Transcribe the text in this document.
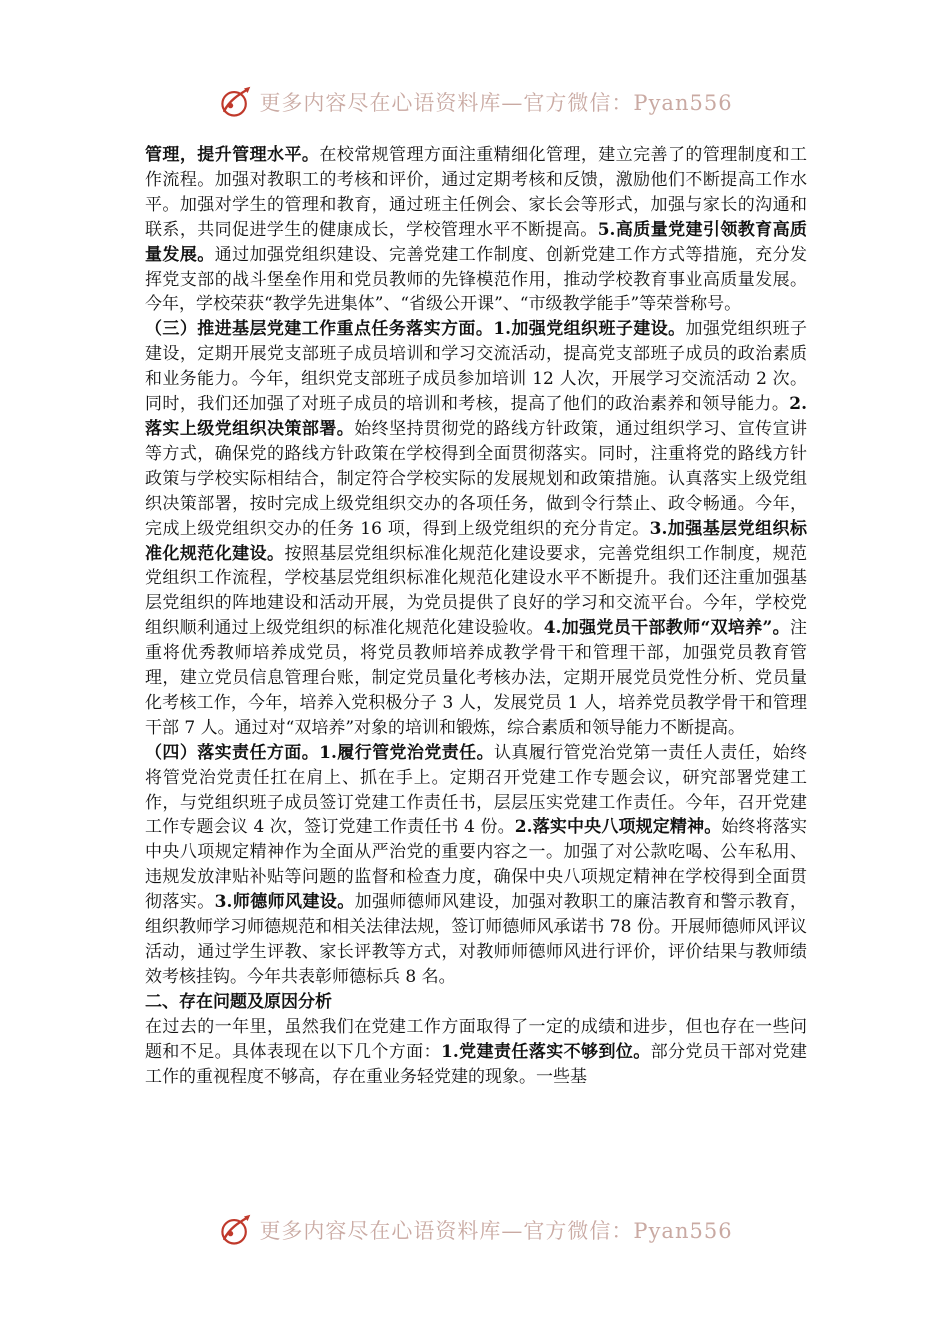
更多内容尽在心语资料库—官方微信：Pyan556

管理，提升管理水平。在校常规管理方面注重精细化管理，建立完善了的管理制度和工作流程。加强对教职工的考核和评价，通过定期考核和反馈，激励他们不断提高工作水平。加强对学生的管理和教育，通过班主任例会、家长会等形式，加强与家长的沟通和联系，共同促进学生的健康成长，学校管理水平不断提高。5.高质量党建引领教育高质量发展。通过加强党组织建设、完善党建工作制度、创新党建工作方式等措施，充分发挥党支部的战斗堡垒作用和党员教师的先锋模范作用，推动学校教育事业高质量发展。今年，学校荣获“教学先进集体”、“省级公开课”、“市级教学能手”等荣誉称号。

（三）推进基层党建工作重点任务落实方面。1.加强党组织班子建设。加强党组织班子建设，定期开展党支部班子成员培训和学习交流活动，提高党支部班子成员的政治素质和业务能力。今年，组织党支部班子成员参加培训 12 人次，开展学习交流活动 2 次。同时，我们还加强了对班子成员的培训和考核，提高了他们的政治素养和领导能力。2.落实上级党组织决策部署。始终坚持贯彻党的路线方针政策，通过组织学习、宣传宣讲等方式，确保党的路线方针政策在学校得到全面贯彻落实。同时，注重将党的路线方针政策与学校实际相结合，制定符合学校实际的发展规划和政策措施。认真落实上级党组织决策部署，按时完成上级党组织交办的各项任务，做到令行禁止、政令畅通。今年，完成上级党组织交办的任务 16 项，得到上级党组织的充分肯定。3.加强基层党组织标准化规范化建设。按照基层党组织标准化规范化建设要求，完善党组织工作制度，规范党组织工作流程，学校基层党组织标准化规范化建设水平不断提升。我们还注重加强基层党组织的阵地建设和活动开展，为党员提供了良好的学习和交流平台。今年，学校党组织顺利通过上级党组织的标准化规范化建设验收。4.加强党员干部教师“双培养”。注重将优秀教师培养成党员，将党员教师培养成教学骨干和管理干部，加强党员教育管理，建立党员信息管理台账，制定党员量化考核办法，定期开展党员党性分析、党员量化考核工作，今年，培养入党积极分子 3 人，发展党员 1 人，培养党员教学骨干和管理干部 7 人。通过对“双培养”对象的培训和锻炼，综合素质和领导能力不断提高。

（四）落实责任方面。1.履行管党治党责任。认真履行管党治党第一责任人责任，始终将管党治党责任扛在肩上、抓在手上。定期召开党建工作专题会议，研究部署党建工作，与党组织班子成员签订党建工作责任书，层层压实党建工作责任。今年，召开党建工作专题会议 4 次，签订党建工作责任书 4 份。2.落实中央八项规定精神。始终将落实中央八项规定精神作为全面从严治党的重要内容之一。加强了对公款吃喝、公车私用、违规发放津贴补贴等问题的监督和检查力度，确保中央八项规定精神在学校得到全面贯彻落实。3.师德师风建设。加强师德师风建设，加强对教职工的廉洁教育和警示教育，组织教师学习师德规范和相关法律法规，签订师德师风承诺书 78 份。开展师德师风评议活动，通过学生评教、家长评教等方式，对教师师德师风进行评价，评价结果与教师绩效考核挂钩。今年共表彰师德标兵 8 名。

二、存在问题及原因分析

在过去的一年里，虽然我们在党建工作方面取得了一定的成绩和进步，但也存在一些问题和不足。具体表现在以下几个方面：1.党建责任落实不够到位。部分党员干部对党建工作的重视程度不够高，存在重业务轻党建的现象。一些基

更多内容尽在心语资料库—官方微信：Pyan556
